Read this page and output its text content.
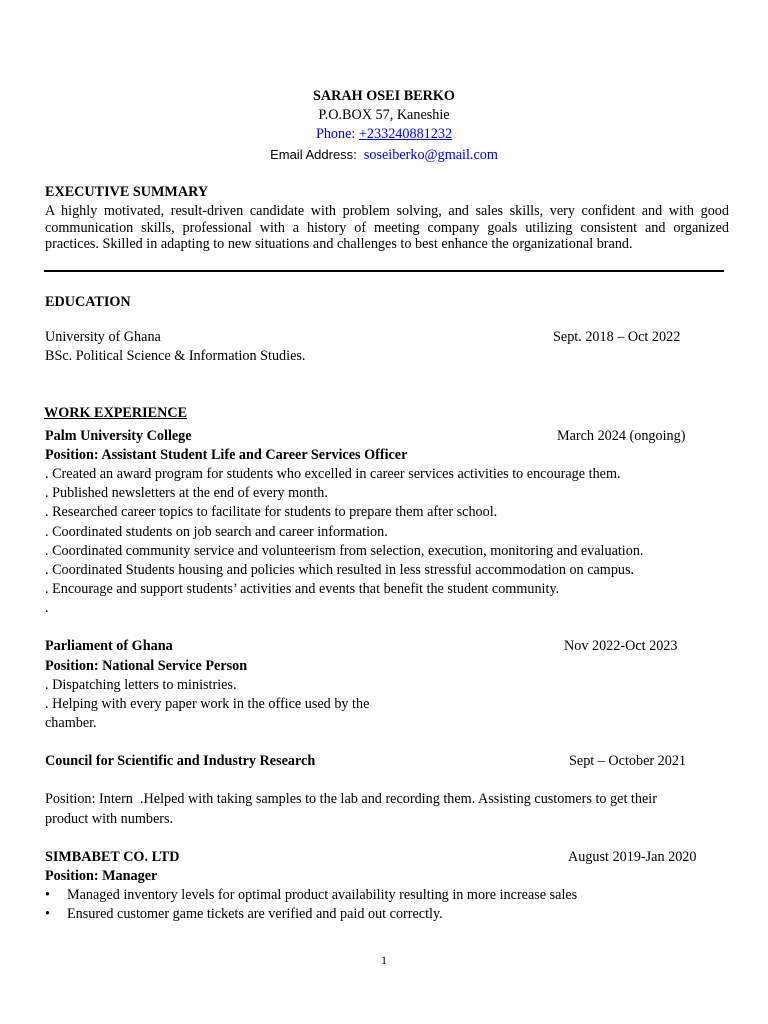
SARAH OSEI BERKO
P.O.BOX 57, Kaneshie
Phone: +233240881232
Email Address: soseiberko@gmail.com
EXECUTIVE SUMMARY
A highly motivated, result-driven candidate with problem solving, and sales skills, very confident and with good communication skills, professional with a history of meeting company goals utilizing consistent and organized practices. Skilled in adapting to new situations and challenges to best enhance the organizational brand.
EDUCATION
University of Ghana	Sept. 2018 – Oct 2022
BSc. Political Science & Information Studies.
WORK EXPERIENCE
Palm University College	March 2024 (ongoing)
Position: Assistant Student Life and Career Services Officer
. Created an award program for students who excelled in career services activities to encourage them.
. Published newsletters at the end of every month.
. Researched career topics to facilitate for students to prepare them after school.
. Coordinated students on job search and career information.
. Coordinated community service and volunteerism from selection, execution, monitoring and evaluation.
. Coordinated Students housing and policies which resulted in less stressful accommodation on campus.
. Encourage and support students’ activities and events that benefit the student community.
.
Parliament of Ghana	Nov 2022-Oct 2023
Position: National Service Person
. Dispatching letters to ministries.
. Helping with every paper work in the office used by the
chamber.
Council for Scientific and Industry Research	Sept – October 2021
Position: Intern  .Helped with taking samples to the lab and recording them. Assisting customers to get their
product with numbers.
SIMBABET CO. LTD	August 2019-Jan 2020
Position: Manager
• Managed inventory levels for optimal product availability resulting in more increase sales
• Ensured customer game tickets are verified and paid out correctly.
1
